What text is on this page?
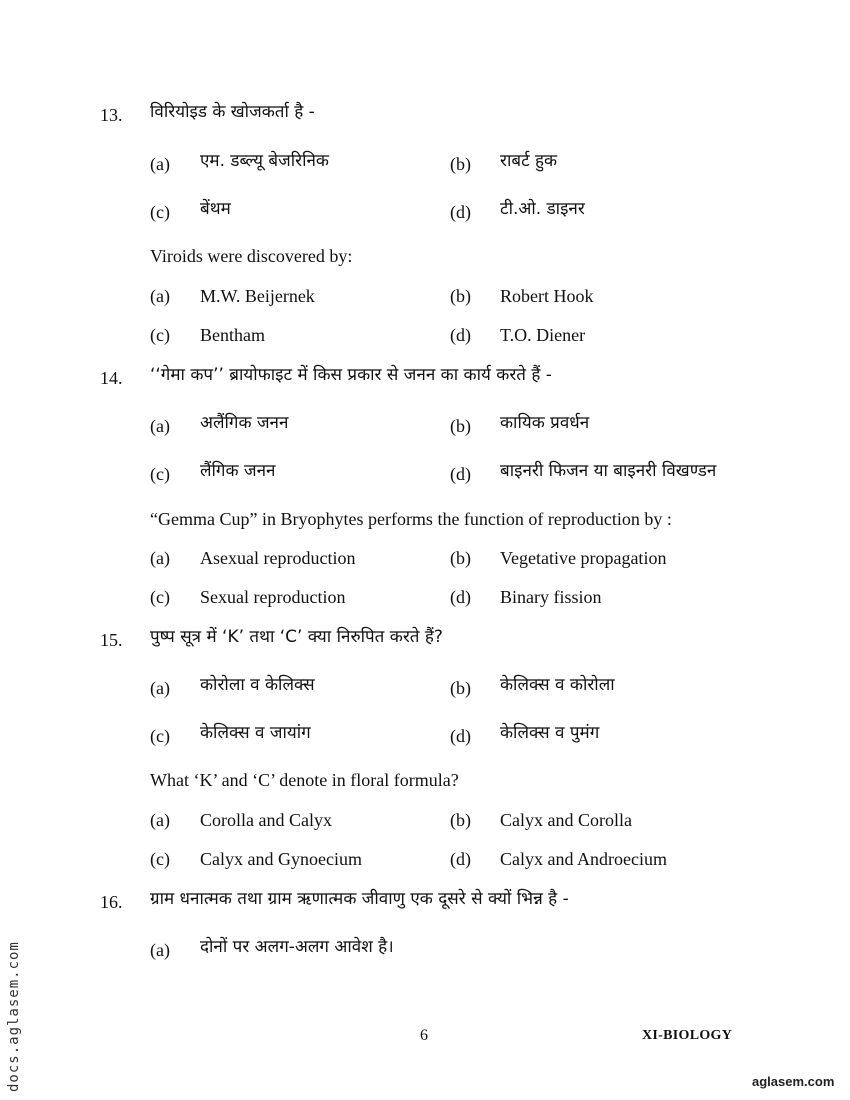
13. विरियोइड के खोजकर्ता है -
(a) एम. डब्ल्यू बेजरिनिक	(b) राबर्ट हुक
(c) बेंथम	(d) टी.ओ. डाइनर
Viroids were discovered by:
(a) M.W. Beijernek	(b) Robert Hook
(c) Bentham	(d) T.O. Diener
14. ‘‘गेमा कप’’ ब्रायोफाइट में किस प्रकार से जनन का कार्य करते हैं -
(a) अलैंगिक जनन	(b) कायिक प्रवर्धन
(c) लैंगिक जनन	(d) बाइनरी फिजन या बाइनरी विखण्डन
“Gemma Cup” in Bryophytes performs the function of reproduction by :
(a) Asexual reproduction	(b) Vegetative propagation
(c) Sexual reproduction	(d) Binary fission
15. पुष्प सूत्र में ‘K’ तथा ‘C’ क्या निरुपित करते हैं?
(a) कोरोला व केलिक्स	(b) केलिक्स व कोरोला
(c) केलिक्स व जायांग	(d) केलिक्स व पुमंग
What ‘K’ and ‘C’ denote in floral formula?
(a) Corolla and Calyx	(b) Calyx and Corolla
(c) Calyx and Gynoecium	(d) Calyx and Androecium
16. ग्राम धनात्मक तथा ग्राम ऋणात्मक जीवाणु एक दूसरे से क्यों भिन्न है -
(a) दोनों पर अलग-अलग आवेश है।
6	XI-BIOLOGY
docs.aglasem.com	aglasem.com
